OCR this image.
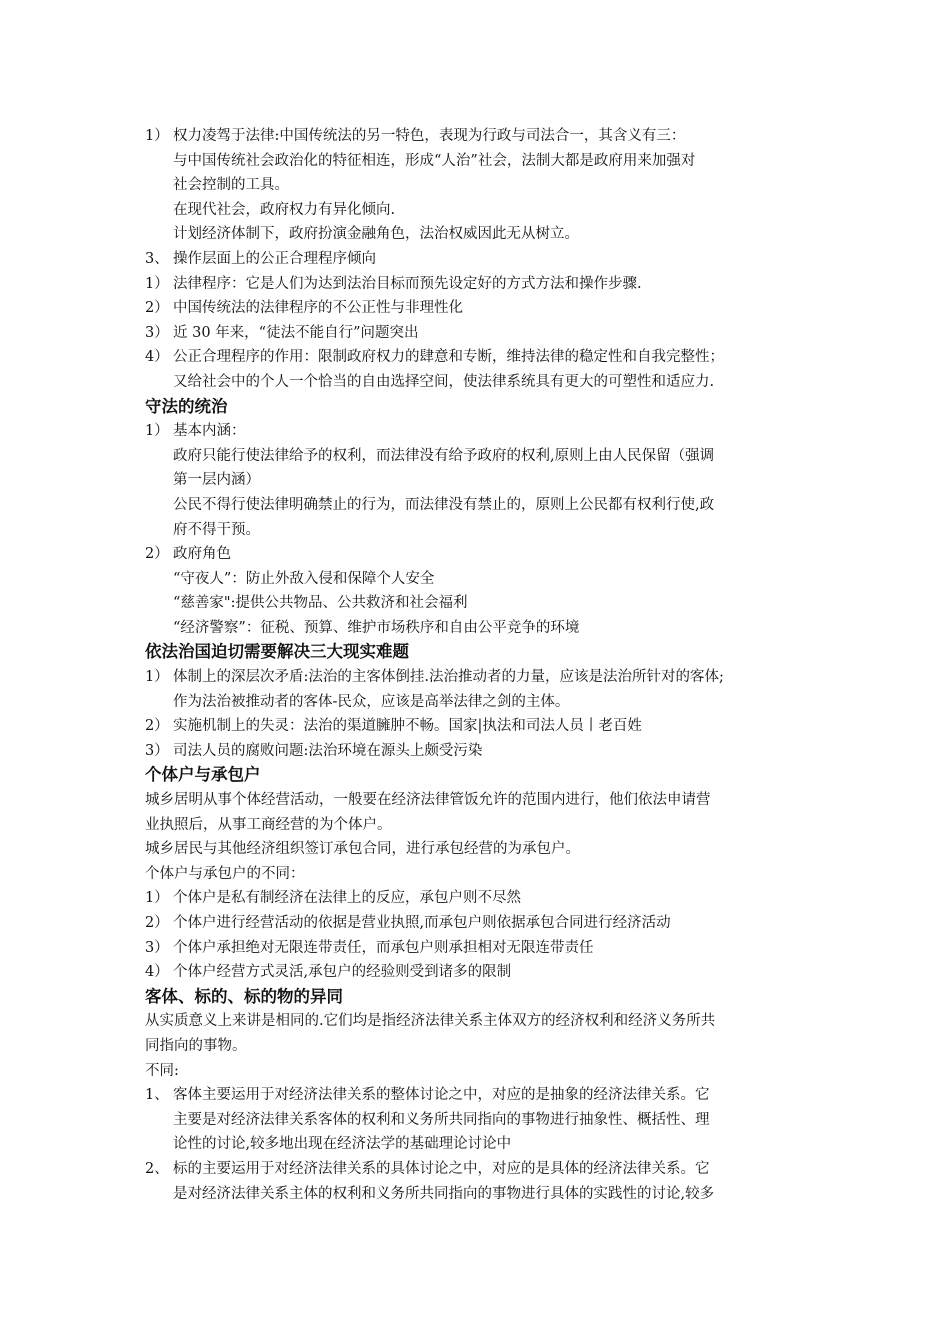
1） 权力凌驾于法律:中国传统法的另一特色，表现为行政与司法合一，其含义有三：
与中国传统社会政治化的特征相连，形成“人治”社会，法制大都是政府用来加强对
社会控制的工具。
在现代社会，政府权力有异化倾向.
计划经济体制下，政府扮演金融角色，法治权威因此无从树立。
3、 操作层面上的公正合理程序倾向
1） 法律程序：它是人们为达到法治目标而预先设定好的方式方法和操作步骤.
2） 中国传统法的法律程序的不公正性与非理性化
3） 近 30 年来，“徒法不能自行”问题突出
4） 公正合理程序的作用：限制政府权力的肆意和专断，维持法律的稳定性和自我完整性；
又给社会中的个人一个恰当的自由选择空间，使法律系统具有更大的可塑性和适应力.
守法的统治
1） 基本内涵：
政府只能行使法律给予的权利，而法律没有给予政府的权利,原则上由人民保留（强调
第一层内涵）
公民不得行使法律明确禁止的行为，而法律没有禁止的，原则上公民都有权利行使,政
府不得干预。
2） 政府角色
“守夜人”：防止外敌入侵和保障个人安全
“慈善家":提供公共物品、公共救济和社会福利
“经济警察”：征税、预算、维护市场秩序和自由公平竞争的环境
依法治国迫切需要解决三大现实难题
1） 体制上的深层次矛盾:法治的主客体倒挂.法治推动者的力量，应该是法治所针对的客体;
作为法治被推动者的客体-民众，应该是高举法律之剑的主体。
2） 实施机制上的失灵：法治的渠道臃肿不畅。国家|执法和司法人员丨老百姓
3） 司法人员的腐败问题:法治环境在源头上颇受污染
个体户与承包户
城乡居明从事个体经营活动，一般要在经济法律管饭允许的范围内进行，他们依法申请营
业执照后，从事工商经营的为个体户。
城乡居民与其他经济组织签订承包合同，进行承包经营的为承包户。
个体户与承包户的不同：
1） 个体户是私有制经济在法律上的反应，承包户则不尽然
2） 个体户进行经营活动的依据是营业执照,而承包户则依据承包合同进行经济活动
3） 个体户承担绝对无限连带责任，而承包户则承担相对无限连带责任
4） 个体户经营方式灵活,承包户的经验则受到诸多的限制
客体、标的、标的物的异同
从实质意义上来讲是相同的.它们均是指经济法律关系主体双方的经济权利和经济义务所共
同指向的事物。
不同:
1、 客体主要运用于对经济法律关系的整体讨论之中，对应的是抽象的经济法律关系。它
主要是对经济法律关系客体的权利和义务所共同指向的事物进行抽象性、概括性、理
论性的讨论,较多地出现在经济法学的基础理论讨论中
2、 标的主要运用于对经济法律关系的具体讨论之中，对应的是具体的经济法律关系。它
是对经济法律关系主体的权利和义务所共同指向的事物进行具体的实践性的讨论,较多
